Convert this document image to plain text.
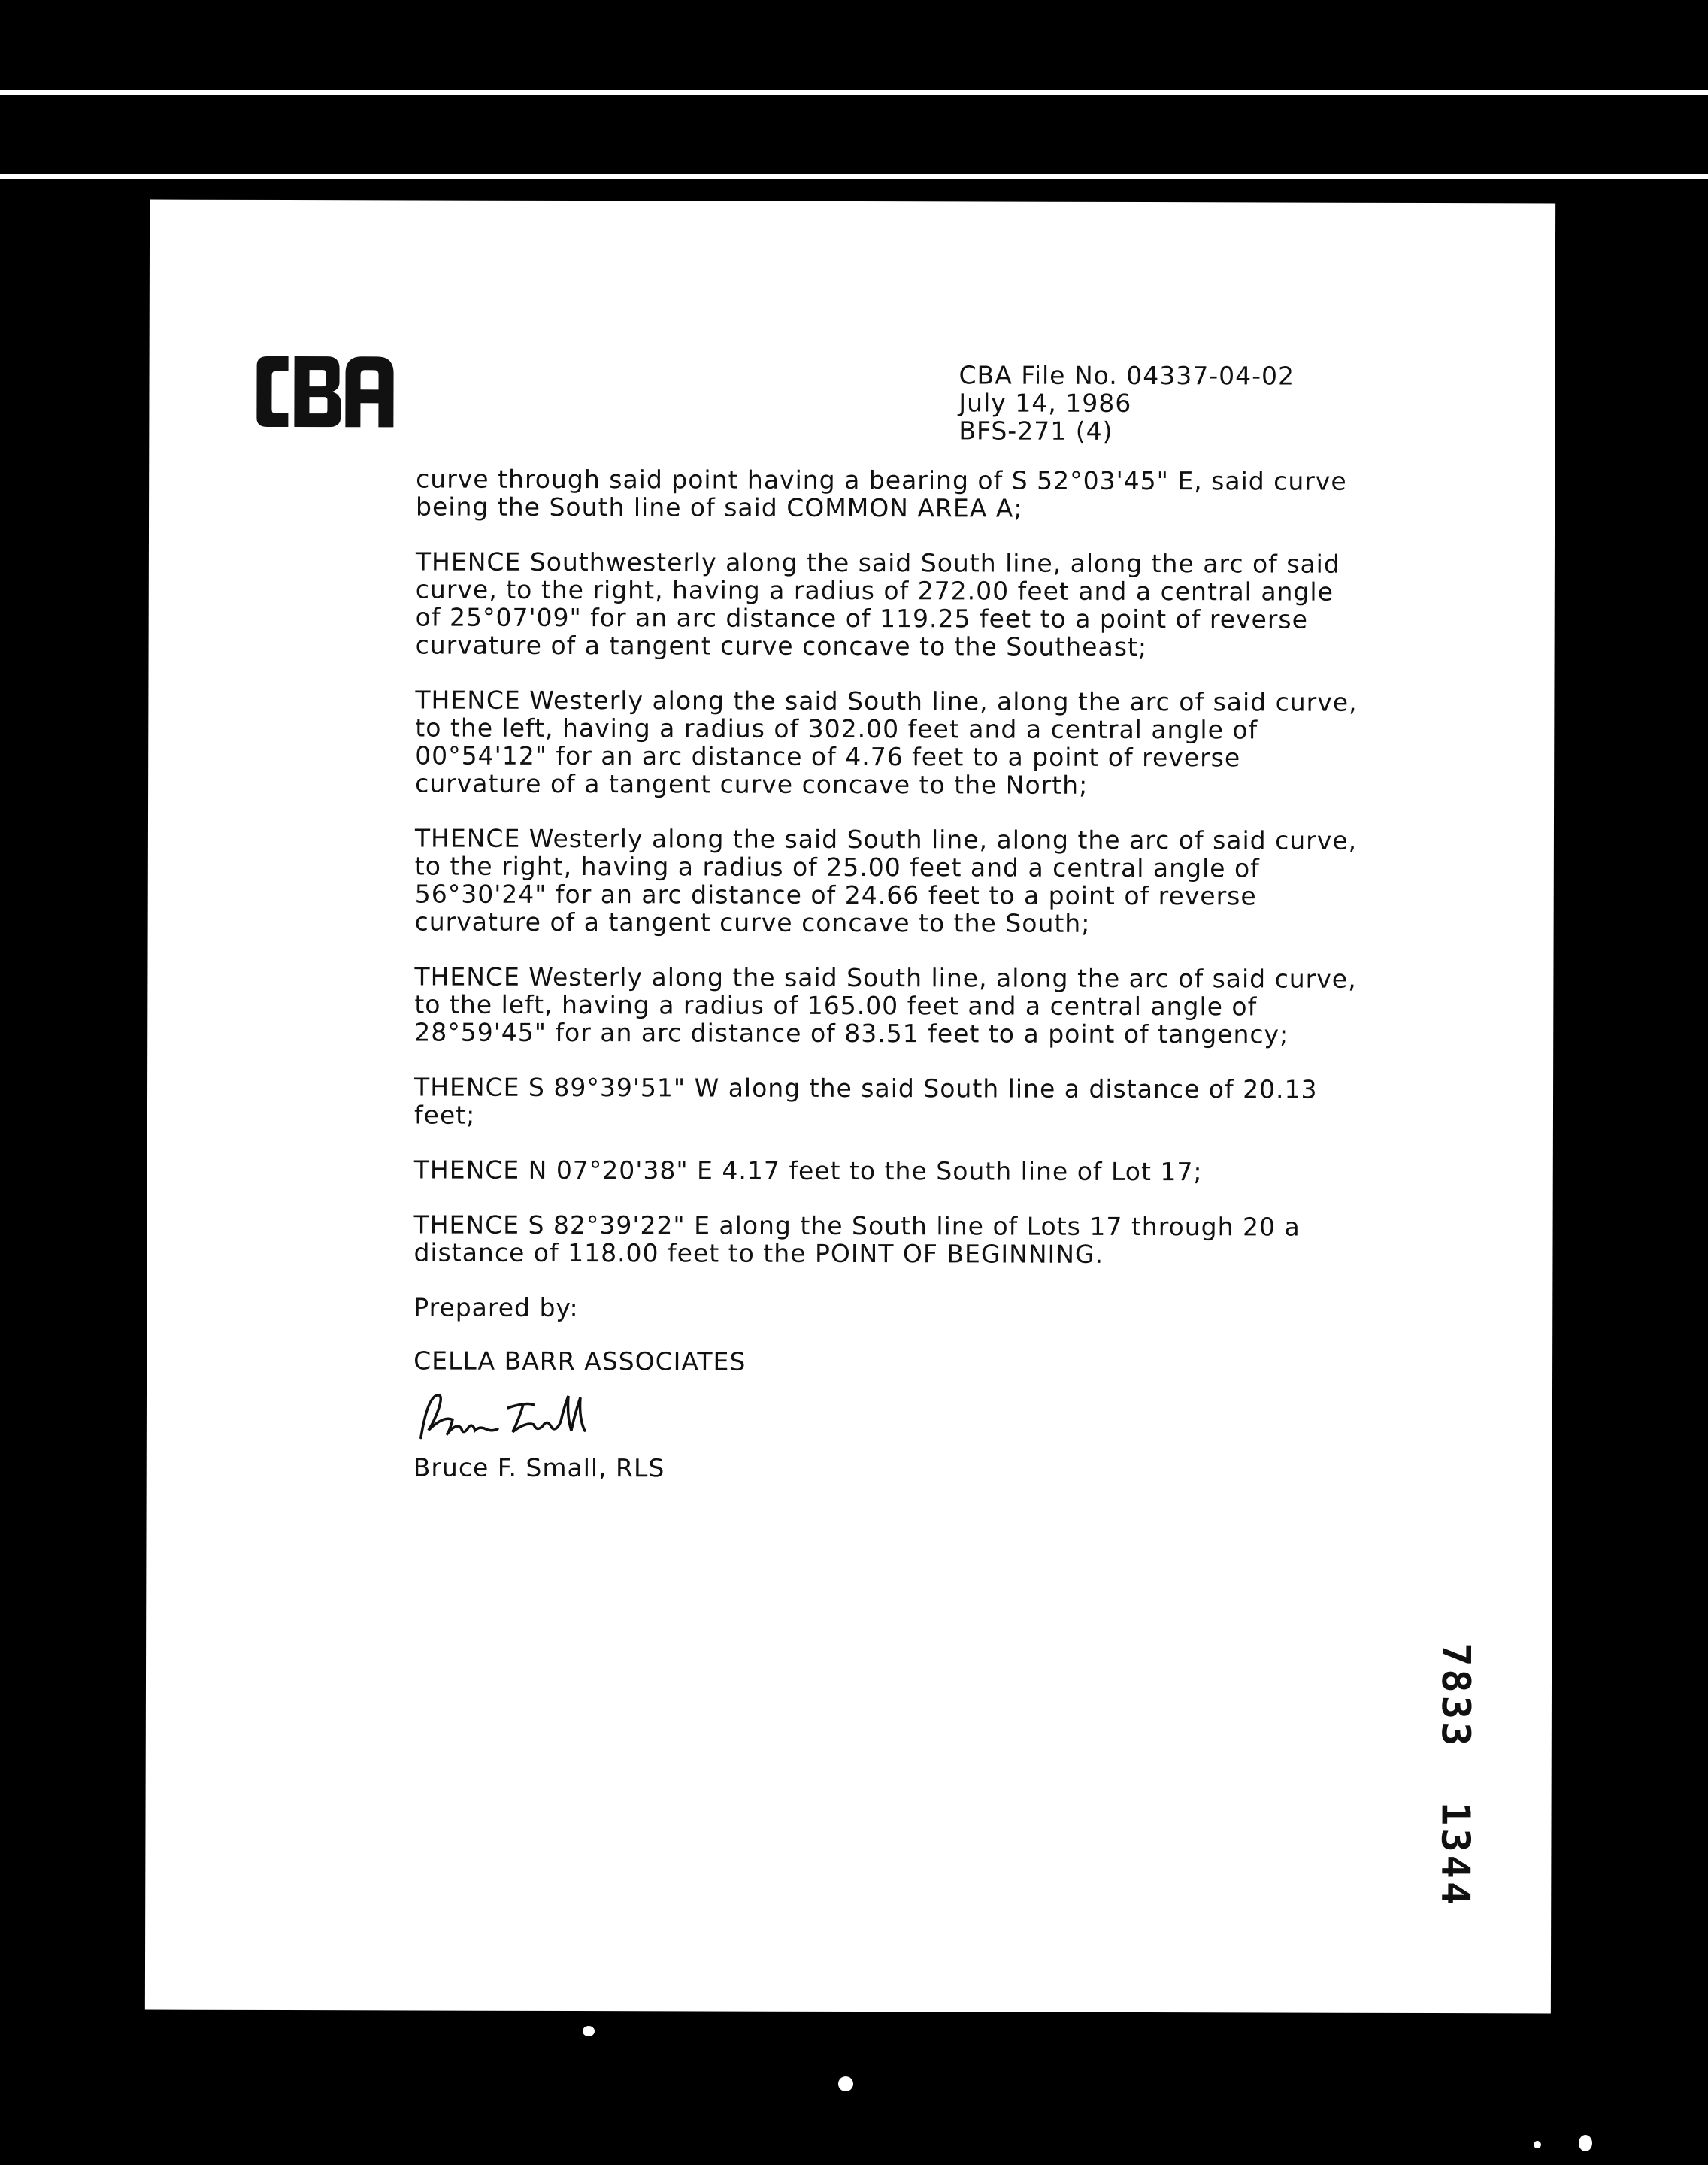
CBA File No. 04337-04-02
July 14, 1986
BFS-271 (4)

curve through said point having a bearing of S 52°03'45" E, said curve
being the South line of said COMMON AREA A;

THENCE Southwesterly along the said South line, along the arc of said
curve, to the right, having a radius of 272.00 feet and a central angle
of 25°07'09" for an arc distance of 119.25 feet to a point of reverse
curvature of a tangent curve concave to the Southeast;

THENCE Westerly along the said South line, along the arc of said curve,
to the left, having a radius of 302.00 feet and a central angle of
00°54'12" for an arc distance of 4.76 feet to a point of reverse
curvature of a tangent curve concave to the North;

THENCE Westerly along the said South line, along the arc of said curve,
to the right, having a radius of 25.00 feet and a central angle of
56°30'24" for an arc distance of 24.66 feet to a point of reverse
curvature of a tangent curve concave to the South;

THENCE Westerly along the said South line, along the arc of said curve,
to the left, having a radius of 165.00 feet and a central angle of
28°59'45" for an arc distance of 83.51 feet to a point of tangency;

THENCE S 89°39'51" W along the said South line a distance of 20.13
feet;

THENCE N 07°20'38" E 4.17 feet to the South line of Lot 17;

THENCE S 82°39'22" E along the South line of Lots 17 through 20 a
distance of 118.00 feet to the POINT OF BEGINNING.

Prepared by:

CELLA BARR ASSOCIATES

Bruce F. Small, RLS

7833  1344
